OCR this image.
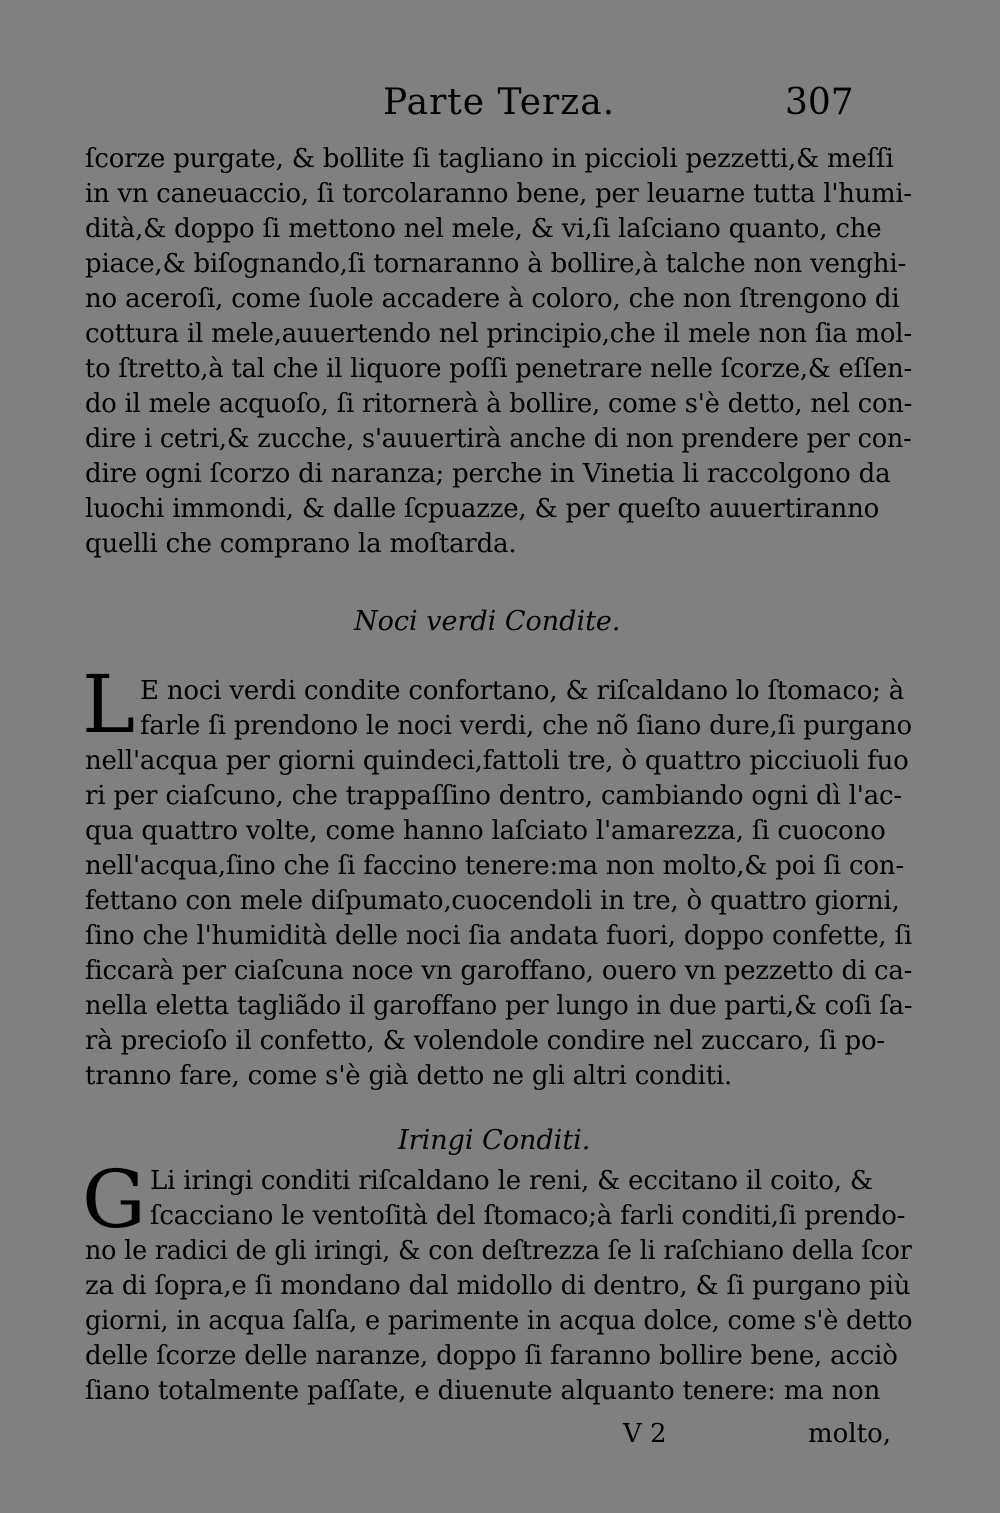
Parte Terza.	307
ſcorze purgate, & bollite ſi tagliano in piccioli pezzetti,& meſſi
in vn caneuaccio, ſi torcolaranno bene, per leuarne tutta l'humi-
dità,& doppo ſi mettono nel mele, & vi,ſi laſciano quanto, che
piace,& biſognando,ſi tornaranno à bollire,à talche non venghi-
no aceroſi, come ſuole accadere à coloro, che non ſtrengono di
cottura il mele,auuertendo nel principio,che il mele non ſia mol-
to ſtretto,à tal che il liquore poſſi penetrare nelle ſcorze,& eſſen-
do il mele acquoſo, ſi ritornerà à bollire, come s'è detto, nel con-
dire i cetri,& zucche, s'auuertirà anche di non prendere per con-
dire ogni ſcorzo di naranza; perche in Vinetia li raccolgono da
luochi immondi, & dalle ſcpuazze, & per queſto auuertiranno
quelli che comprano la moſtarda.
Noci verdi Condite.
L E noci verdi condite confortano, & riſcaldano lo ſtomaco; à
farle ſi prendono le noci verdi, che nõ ſiano dure,ſi purgano
nell'acqua per giorni quindeci,fattoli tre, ò quattro picciuoli fuo
ri per ciaſcuno, che trappaſſino dentro, cambiando ogni dì l'ac-
qua quattro volte, come hanno laſciato l'amarezza, ſi cuocono
nell'acqua,ſino che ſi faccino tenere:ma non molto,& poi ſi con-
fettano con mele diſpumato,cuocendoli in tre, ò quattro giorni,
ſino che l'humidità delle noci ſia andata fuori, doppo confette, ſi
ficcarà per ciaſcuna noce vn garoffano, ouero vn pezzetto di ca-
nella eletta tagliãdo il garoffano per lungo in due parti,& coſi ſa-
rà precioſo il confetto, & volendole condire nel zuccaro, ſi po-
tranno fare, come s'è già detto ne gli altri conditi.
Iringi Conditi.
G Li iringi conditi riſcaldano le reni, & eccitano il coito, &
ſcacciano le ventoſità del ſtomaco;à farli conditi,ſi prendo-
no le radici de gli iringi, & con deſtrezza ſe li raſchiano della ſcor
za di ſopra,e ſi mondano dal midollo di dentro, & ſi purgano più
giorni, in acqua ſalſa, e parimente in acqua dolce, come s'è detto
delle ſcorze delle naranze, doppo ſi faranno bollire bene, acciò
ſiano totalmente paſſate, e diuenute alquanto tenere: ma non
V 2	molto,
